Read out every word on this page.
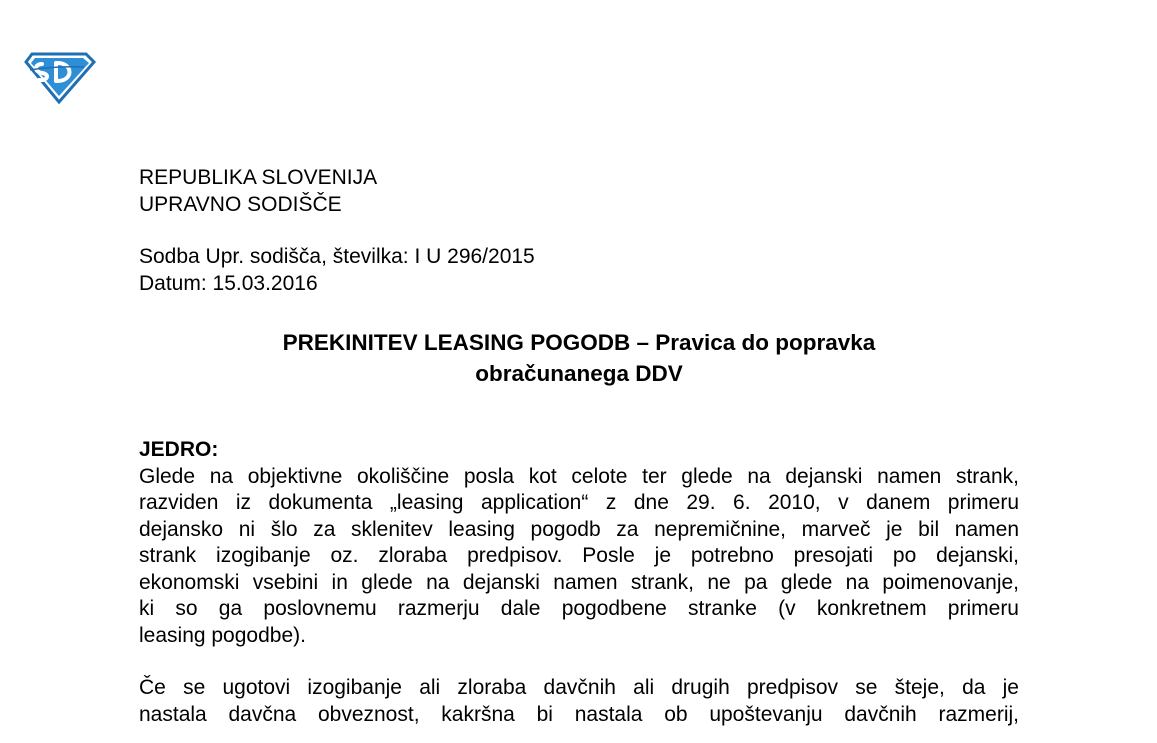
REPUBLIKA SLOVENIJA
UPRAVNO SODIŠČE
Sodba Upr. sodišča, številka: I U 296/2015
Datum: 15.03.2016
PREKINITEV LEASING POGODB – Pravica do popravka
obračunanega DDV
JEDRO:
Glede na objektivne okoliščine posla kot celote ter glede na dejanski namen strank,
razviden iz dokumenta „leasing application“ z dne 29. 6. 2010, v danem primeru
dejansko ni šlo za sklenitev leasing pogodb za nepremičnine, marveč je bil namen
strank izogibanje oz. zloraba predpisov. Posle je potrebno presojati po dejanski,
ekonomski vsebini in glede na dejanski namen strank, ne pa glede na poimenovanje,
ki so ga poslovnemu razmerju dale pogodbene stranke (v konkretnem primeru
leasing pogodbe).
Če se ugotovi izogibanje ali zloraba davčnih ali drugih predpisov se šteje, da je
nastala davčna obveznost, kakršna bi nastala ob upoštevanju davčnih razmerij,
